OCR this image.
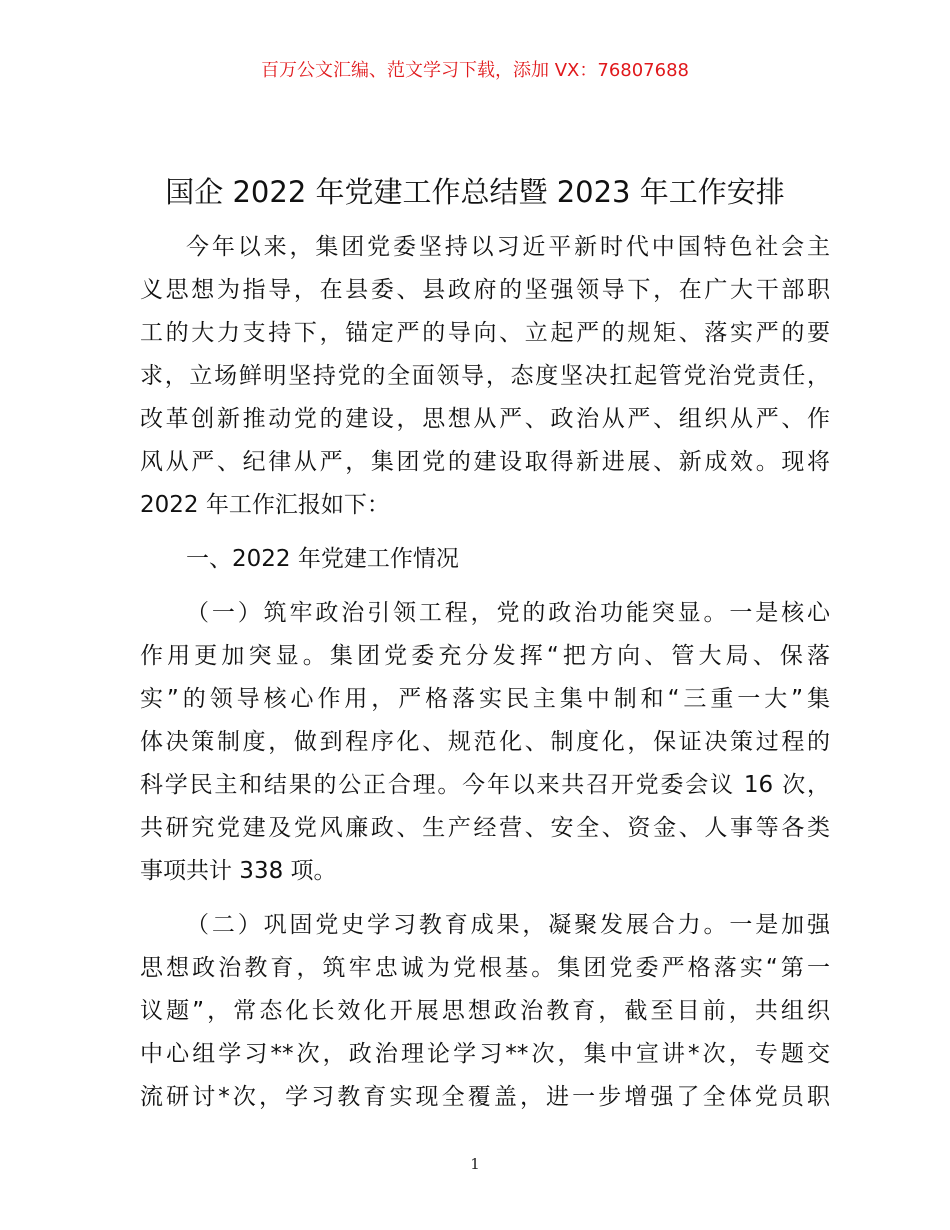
百万公文汇编、范文学习下载，添加 VX：76807688
国企 2022 年党建工作总结暨 2023 年工作安排
今年以来，集团党委坚持以习近平新时代中国特色社会主
义思想为指导，在县委、县政府的坚强领导下，在广大干部职
工的大力支持下，锚定严的导向、立起严的规矩、落实严的要
求，立场鲜明坚持党的全面领导，态度坚决扛起管党治党责任，
改革创新推动党的建设，思想从严、政治从严、组织从严、作
风从严、纪律从严，集团党的建设取得新进展、新成效。现将
2022 年工作汇报如下：
一、2022 年党建工作情况
（一）筑牢政治引领工程，党的政治功能突显。一是核心
作用更加突显。集团党委充分发挥“把方向、管大局、保落
实”的领导核心作用，严格落实民主集中制和“三重一大”集
体决策制度，做到程序化、规范化、制度化，保证决策过程的
科学民主和结果的公正合理。今年以来共召开党委会议 16 次，
共研究党建及党风廉政、生产经营、安全、资金、人事等各类
事项共计 338 项。
（二）巩固党史学习教育成果，凝聚发展合力。一是加强
思想政治教育，筑牢忠诚为党根基。集团党委严格落实“第一
议题”，常态化长效化开展思想政治教育，截至目前，共组织
中心组学习**次，政治理论学习**次，集中宣讲*次，专题交
流研讨*次，学习教育实现全覆盖，进一步增强了全体党员职
1
